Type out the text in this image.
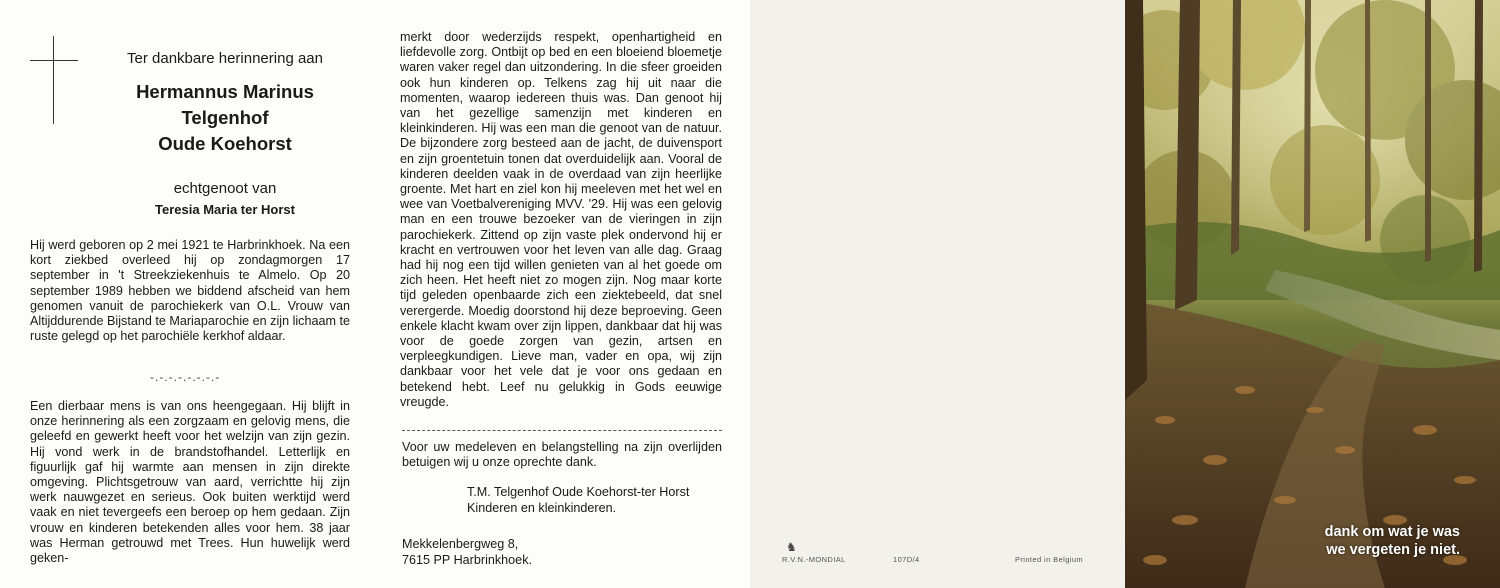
Ter dankbare herinnering aan
Hermannus Marinus
Telgenhof
Oude Koehorst
echtgenoot van
Teresia Maria ter Horst
Hij werd geboren op 2 mei 1921 te Harbrinkhoek. Na een kort ziekbed overleed hij op zondagmorgen 17 september in 't Streekziekenhuis te Almelo. Op 20 september 1989 hebben we biddend afscheid van hem genomen vanuit de parochiekerk van O.L. Vrouw van Altijddurende Bijstand te Mariaparochie en zijn lichaam te ruste gelegd op het parochiële kerkhof aldaar.
-.-.-.-.-.-.-.-
Een dierbaar mens is van ons heengegaan. Hij blijft in onze herinnering als een zorgzaam en gelovig mens, die geleefd en gewerkt heeft voor het welzijn van zijn gezin. Hij vond werk in de brandstofhandel. Letterlijk en figuurlijk gaf hij warmte aan mensen in zijn direkte omgeving. Plichtsgetrouw van aard, verrichtte hij zijn werk nauwgezet en serieus. Ook buiten werktijd werd vaak en niet tevergeefs een beroep op hem gedaan. Zijn vrouw en kinderen betekenden alles voor hem. 38 jaar was Herman getrouwd met Trees. Hun huwelijk werd geken-
merkt door wederzijds respekt, openhartigheid en liefdevolle zorg. Ontbijt op bed en een bloeiend bloemetje waren vaker regel dan uitzondering. In die sfeer groeiden ook hun kinderen op. Telkens zag hij uit naar die momenten, waarop iedereen thuis was. Dan genoot hij van het gezellige samenzijn met kinderen en kleinkinderen. Hij was een man die genoot van de natuur. De bijzondere zorg besteed aan de jacht, de duivensport en zijn groentetuin tonen dat overduidelijk aan. Vooral de kinderen deelden vaak in de overdaad van zijn heerlijke groente. Met hart en ziel kon hij meeleven met het wel en wee van Voetbalvereniging MVV. '29. Hij was een gelovig man en een trouwe bezoeker van de vieringen in zijn parochiekerk. Zittend op zijn vaste plek ondervond hij er kracht en vertrouwen voor het leven van alle dag. Graag had hij nog een tijd willen genieten van al het goede om zich heen. Het heeft niet zo mogen zijn. Nog maar korte tijd geleden openbaarde zich een ziektebeeld, dat snel verergerde. Moedig doorstond hij deze beproeving. Geen enkele klacht kwam over zijn lippen, dankbaar dat hij was voor de goede zorgen van gezin, artsen en verpleegkundigen. Lieve man, vader en opa, wij zijn dankbaar voor het vele dat je voor ons gedaan en betekend hebt. Leef nu gelukkig in Gods eeuwige vreugde.
Voor uw medeleven en belangstelling na zijn overlijden betuigen wij u onze oprechte dank.
T.M. Telgenhof Oude Koehorst-ter Horst
Kinderen en kleinkinderen.
Mekkelenbergweg 8,
7615 PP Harbrinkhoek.
♞
R.V.N.-MONDIAL	107D/4	Printed in Belgium
dank om wat je was
we vergeten je niet.
